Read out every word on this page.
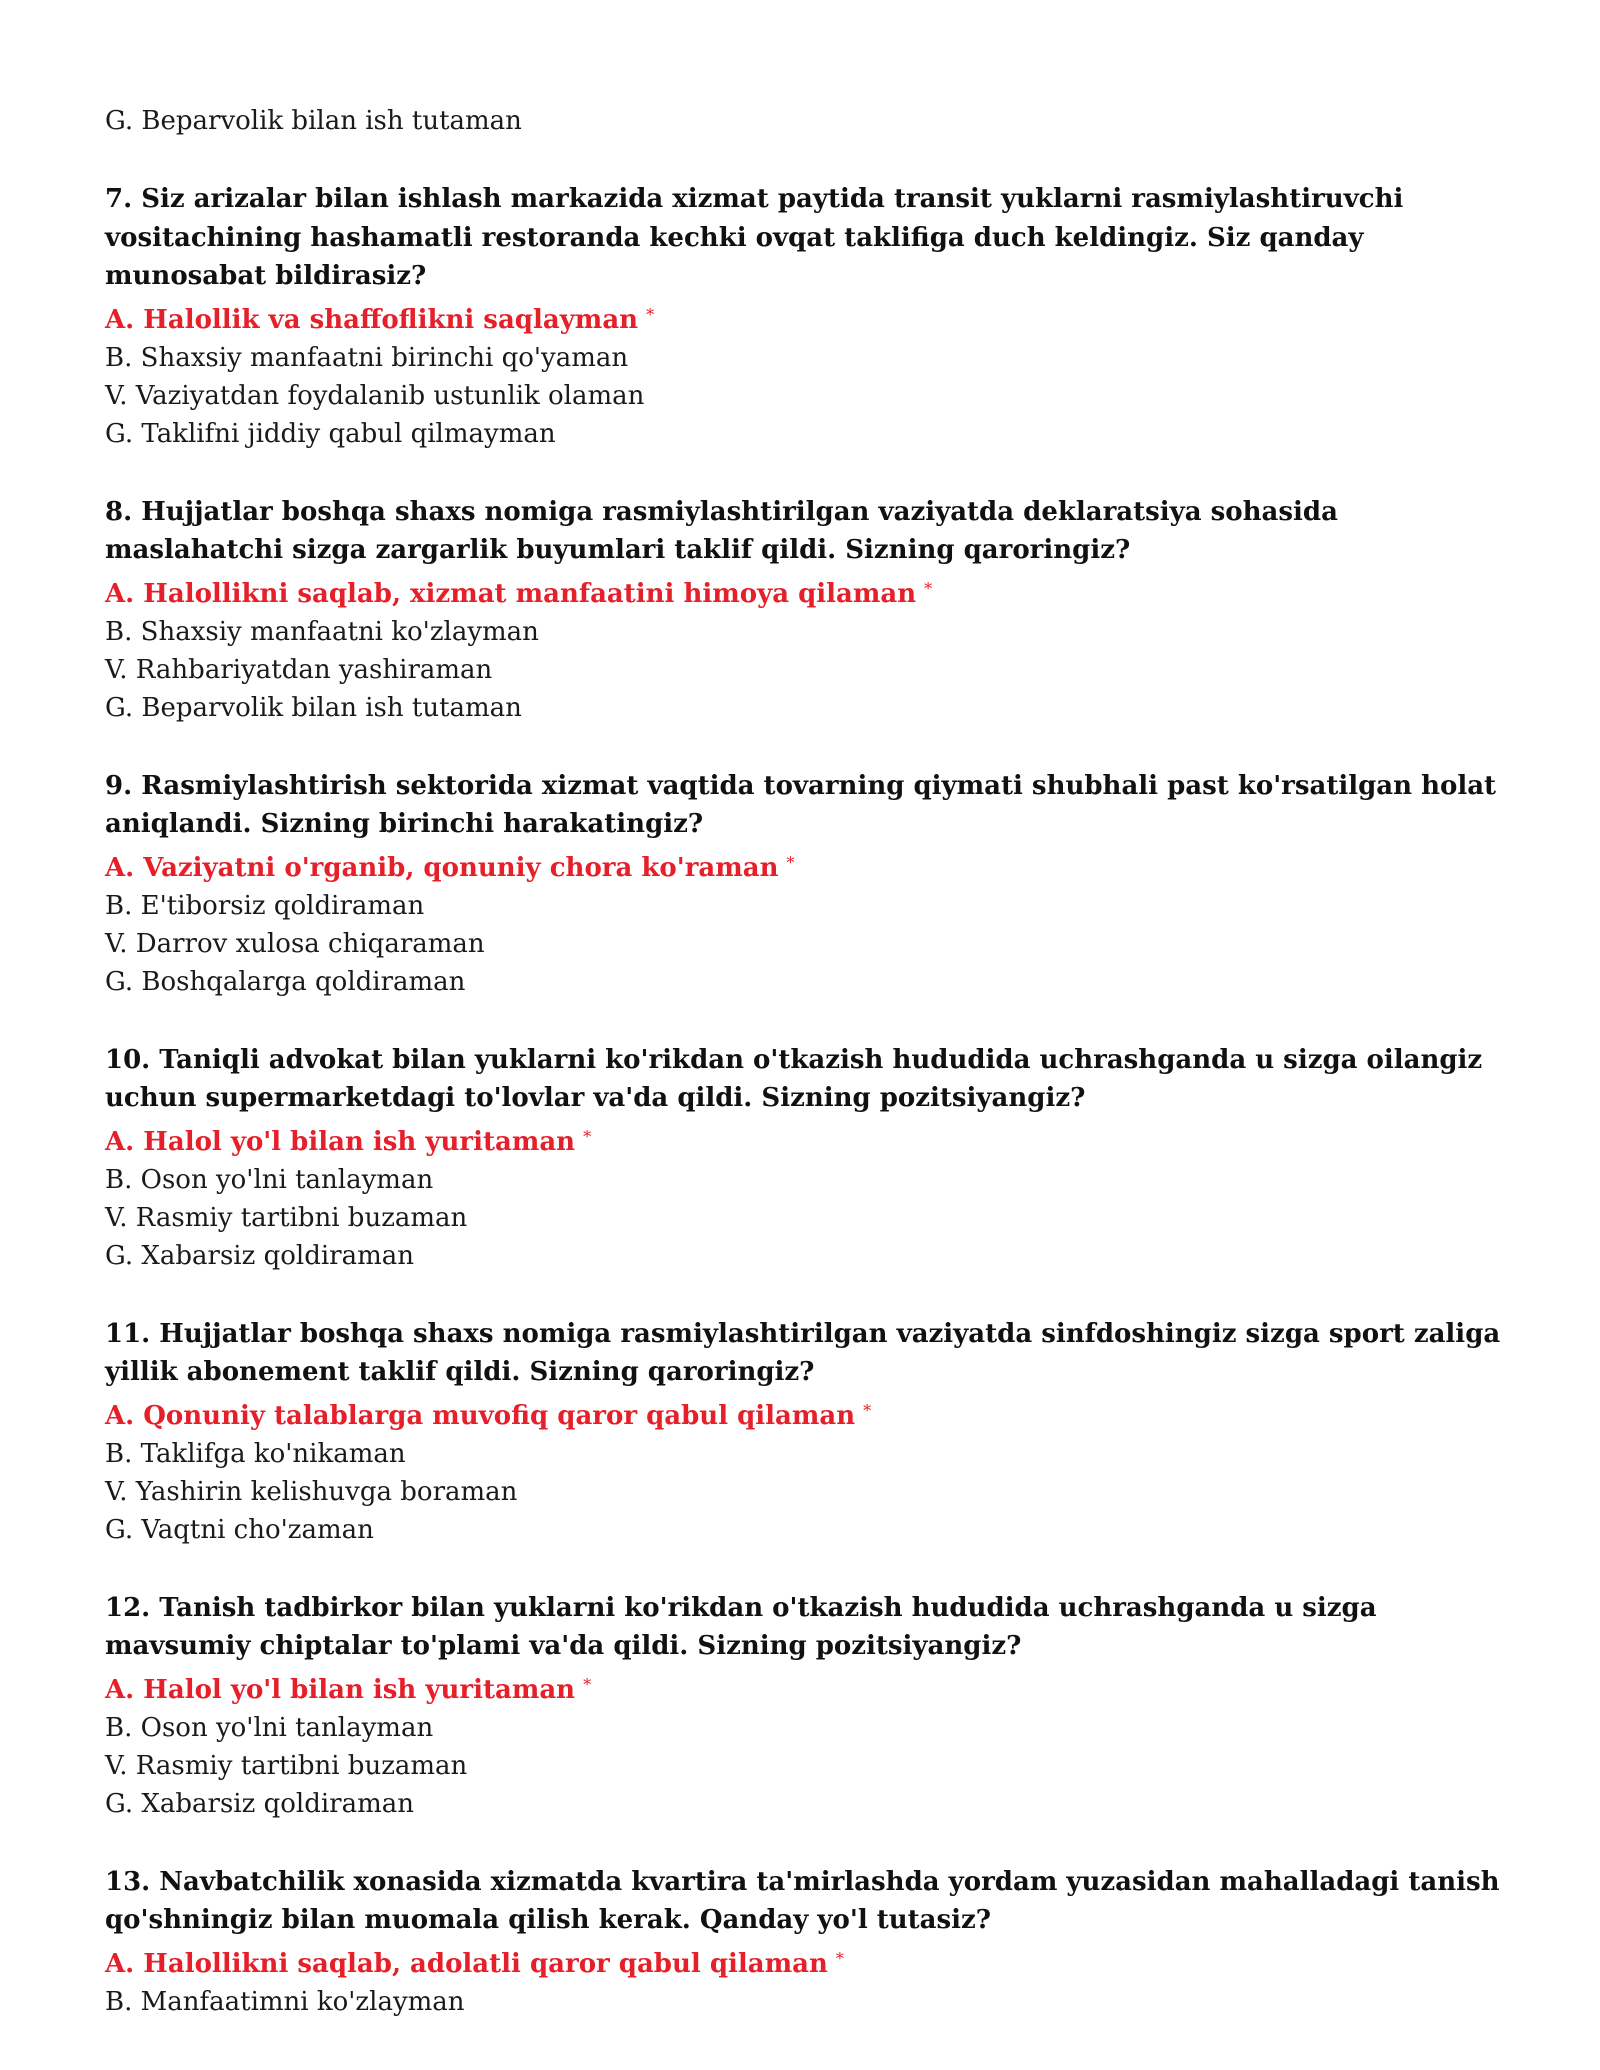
G. Beparvolik bilan ish tutaman

7. Siz arizalar bilan ishlash markazida xizmat paytida transit yuklarni rasmiylashtiruvchi vositachining hashamatli restoranda kechki ovqat taklifiga duch keldingiz. Siz qanday munosabat bildirasiz?

A. Halollik va shaffoflikni saqlayman *

B. Shaxsiy manfaatni birinchi qo'yaman

V. Vaziyatdan foydalanib ustunlik olaman

G. Taklifni jiddiy qabul qilmayman

8. Hujjatlar boshqa shaxs nomiga rasmiylashtirilgan vaziyatda deklaratsiya sohasida maslahatchi sizga zargarlik buyumlari taklif qildi. Sizning qaroringiz?

A. Halollikni saqlab, xizmat manfaatini himoya qilaman *

B. Shaxsiy manfaatni ko'zlayman

V. Rahbariyatdan yashiraman

G. Beparvolik bilan ish tutaman

9. Rasmiylashtirish sektorida xizmat vaqtida tovarning qiymati shubhali past ko'rsatilgan holat aniqlandi. Sizning birinchi harakatingiz?

A. Vaziyatni o'rganib, qonuniy chora ko'raman *

B. E'tiborsiz qoldiraman

V. Darrov xulosa chiqaraman

G. Boshqalarga qoldiraman

10. Taniqli advokat bilan yuklarni ko'rikdan o'tkazish hududida uchrashganda u sizga oilangiz uchun supermarketdagi to'lovlar va'da qildi. Sizning pozitsiyangiz?

A. Halol yo'l bilan ish yuritaman *

B. Oson yo'lni tanlayman

V. Rasmiy tartibni buzaman

G. Xabarsiz qoldiraman

11. Hujjatlar boshqa shaxs nomiga rasmiylashtirilgan vaziyatda sinfdoshingiz sizga sport zaliga yillik abonement taklif qildi. Sizning qaroringiz?

A. Qonuniy talablarga muvofiq qaror qabul qilaman *

B. Taklifga ko'nikaman

V. Yashirin kelishuvga boraman

G. Vaqtni cho'zaman

12. Tanish tadbirkor bilan yuklarni ko'rikdan o'tkazish hududida uchrashganda u sizga mavsumiy chiptalar to'plami va'da qildi. Sizning pozitsiyangiz?

A. Halol yo'l bilan ish yuritaman *

B. Oson yo'lni tanlayman

V. Rasmiy tartibni buzaman

G. Xabarsiz qoldiraman

13. Navbatchilik xonasida xizmatda kvartira ta'mirlashda yordam yuzasidan mahalladagi tanish qo'shningiz bilan muomala qilish kerak. Qanday yo'l tutasiz?

A. Halollikni saqlab, adolatli qaror qabul qilaman *

B. Manfaatimni ko'zlayman
